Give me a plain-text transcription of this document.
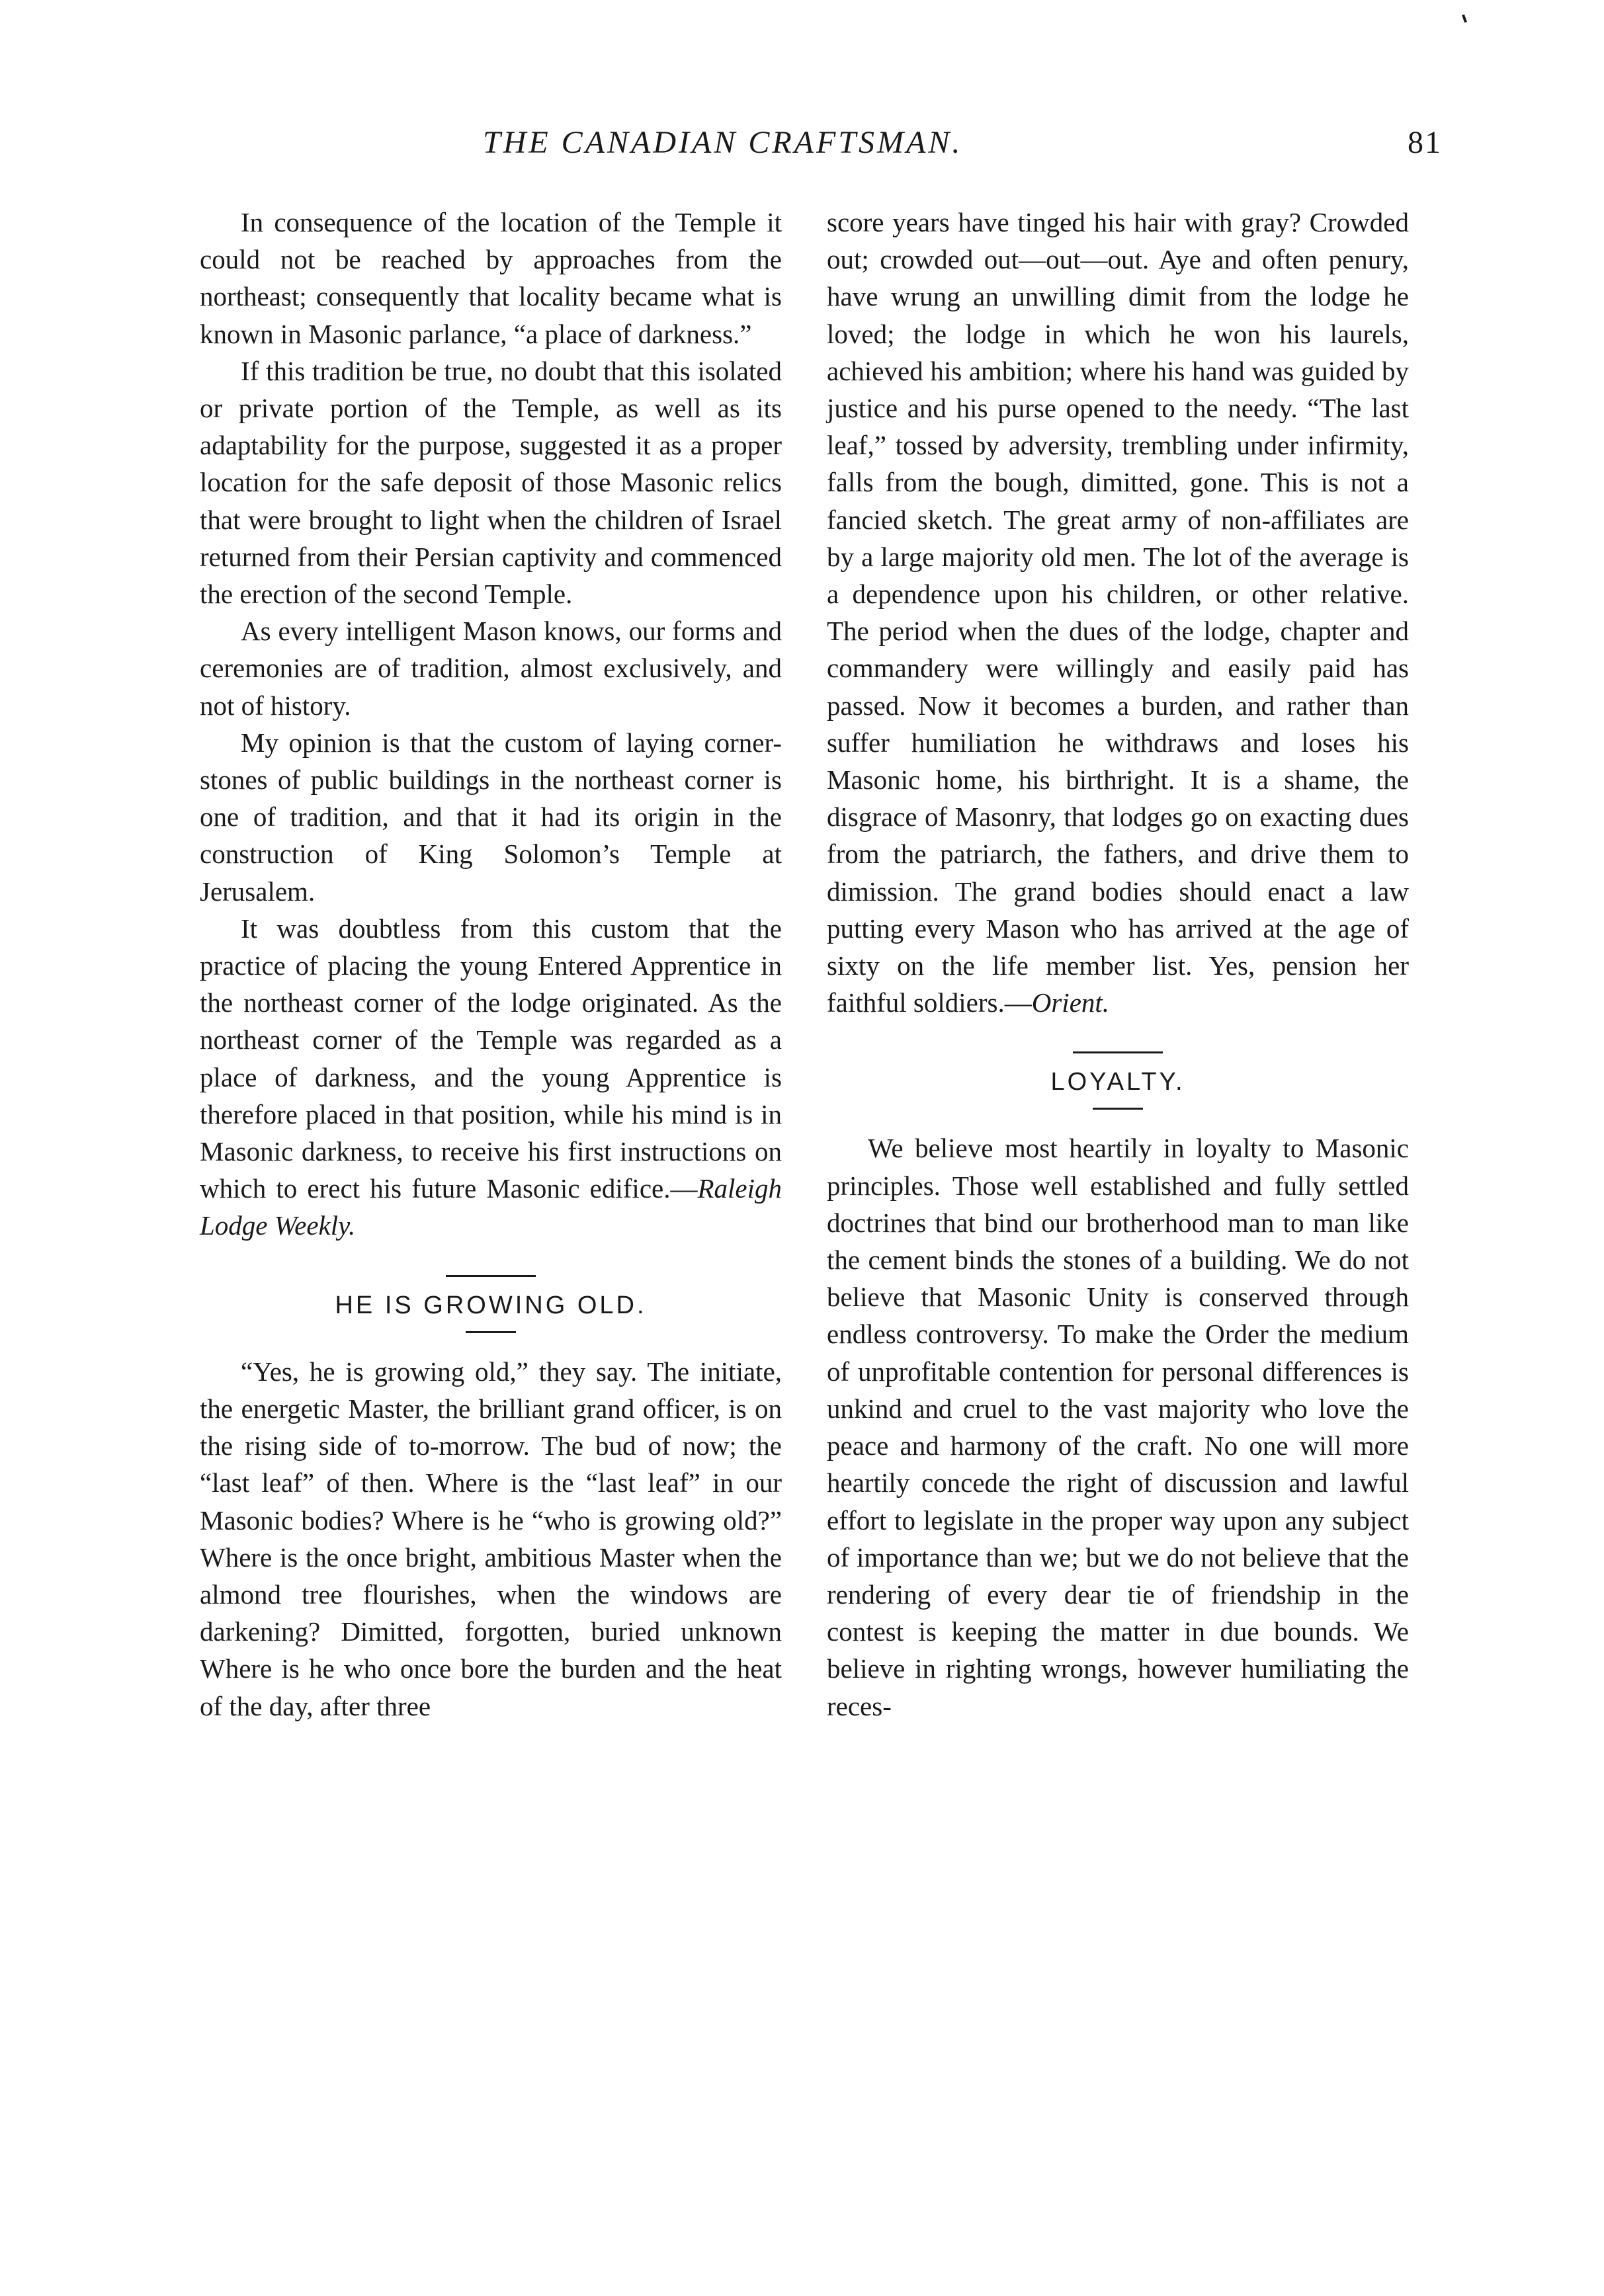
THE CANADIAN CRAFTSMAN.	81

In consequence of the location of the Temple it could not be reached by approaches from the northeast; consequently that locality became what is known in Masonic parlance, “a place of darkness.”

If this tradition be true, no doubt that this isolated or private portion of the Temple, as well as its adaptability for the purpose, suggested it as a proper location for the safe deposit of those Masonic relics that were brought to light when the children of Israel returned from their Persian captivity and commenced the erection of the second Temple.

As every intelligent Mason knows, our forms and ceremonies are of tradition, almost exclusively, and not of history.

My opinion is that the custom of laying corner-stones of public buildings in the northeast corner is one of tradition, and that it had its origin in the construction of King Solomon’s Temple at Jerusalem.

It was doubtless from this custom that the practice of placing the young Entered Apprentice in the northeast corner of the lodge originated. As the northeast corner of the Temple was regarded as a place of darkness, and the young Apprentice is therefore placed in that position, while his mind is in Masonic darkness, to receive his first instructions on which to erect his future Masonic edifice.—Raleigh Lodge Weekly.

HE IS GROWING OLD.

“Yes, he is growing old,” they say. The initiate, the energetic Master, the brilliant grand officer, is on the rising side of to-morrow. The bud of now; the “last leaf” of then. Where is the “last leaf” in our Masonic bodies? Where is he “who is growing old?” Where is the once bright, ambitious Master when the almond tree flourishes, when the windows are darkening? Dimitted, forgotten, buried unknown Where is he who once bore the burden and the heat of the day, after three

score years have tinged his hair with gray? Crowded out; crowded out—out—out. Aye and often penury, have wrung an unwilling dimit from the lodge he loved; the lodge in which he won his laurels, achieved his ambition; where his hand was guided by justice and his purse opened to the needy. “The last leaf,” tossed by adversity, trembling under infirmity, falls from the bough, dimitted, gone. This is not a fancied sketch. The great army of non-affiliates are by a large majority old men. The lot of the average is a dependence upon his children, or other relative. The period when the dues of the lodge, chapter and commandery were willingly and easily paid has passed. Now it becomes a burden, and rather than suffer humiliation he withdraws and loses his Masonic home, his birthright. It is a shame, the disgrace of Masonry, that lodges go on exacting dues from the patriarch, the fathers, and drive them to dimission. The grand bodies should enact a law putting every Mason who has arrived at the age of sixty on the life member list. Yes, pension her faithful soldiers.—Orient.

LOYALTY.

We believe most heartily in loyalty to Masonic principles. Those well established and fully settled doctrines that bind our brotherhood man to man like the cement binds the stones of a building. We do not believe that Masonic Unity is conserved through endless controversy. To make the Order the medium of unprofitable contention for personal differences is unkind and cruel to the vast majority who love the peace and harmony of the craft. No one will more heartily concede the right of discussion and lawful effort to legislate in the proper way upon any subject of importance than we; but we do not believe that the rendering of every dear tie of friendship in the contest is keeping the matter in due bounds. We believe in righting wrongs, however humiliating the reces-
